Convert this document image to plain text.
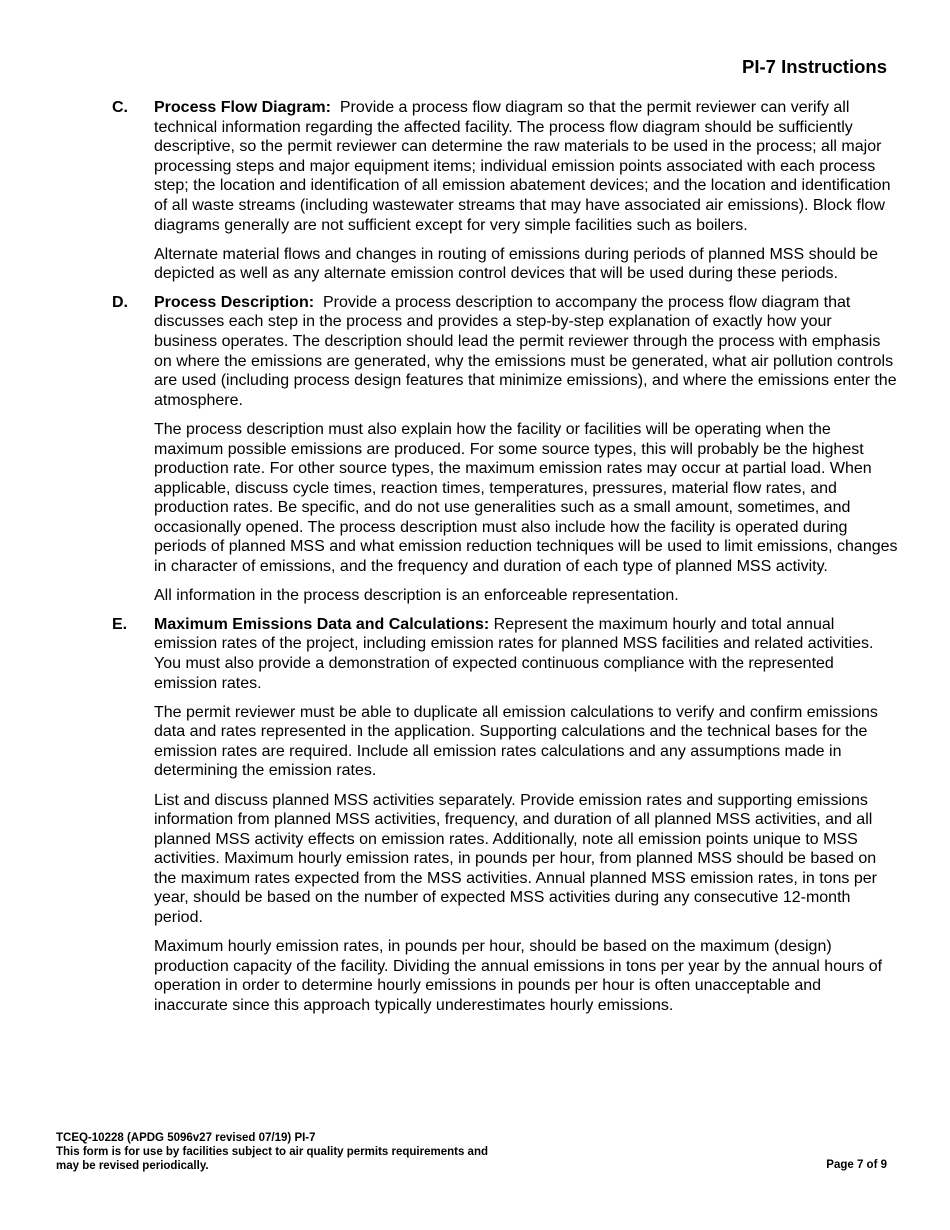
PI-7 Instructions
C.	Process Flow Diagram: Provide a process flow diagram so that the permit reviewer can verify all technical information regarding the affected facility. The process flow diagram should be sufficiently descriptive, so the permit reviewer can determine the raw materials to be used in the process; all major processing steps and major equipment items; individual emission points associated with each process step; the location and identification of all emission abatement devices; and the location and identification of all waste streams (including wastewater streams that may have associated air emissions). Block flow diagrams generally are not sufficient except for very simple facilities such as boilers.

Alternate material flows and changes in routing of emissions during periods of planned MSS should be depicted as well as any alternate emission control devices that will be used during these periods.

D.	Process Description: Provide a process description to accompany the process flow diagram that discusses each step in the process and provides a step-by-step explanation of exactly how your business operates. The description should lead the permit reviewer through the process with emphasis on where the emissions are generated, why the emissions must be generated, what air pollution controls are used (including process design features that minimize emissions), and where the emissions enter the atmosphere.

The process description must also explain how the facility or facilities will be operating when the maximum possible emissions are produced. For some source types, this will probably be the highest production rate. For other source types, the maximum emission rates may occur at partial load. When applicable, discuss cycle times, reaction times, temperatures, pressures, material flow rates, and production rates. Be specific, and do not use generalities such as a small amount, sometimes, and occasionally opened. The process description must also include how the facility is operated during periods of planned MSS and what emission reduction techniques will be used to limit emissions, changes in character of emissions, and the frequency and duration of each type of planned MSS activity.

All information in the process description is an enforceable representation.

E.	Maximum Emissions Data and Calculations: Represent the maximum hourly and total annual emission rates of the project, including emission rates for planned MSS facilities and related activities. You must also provide a demonstration of expected continuous compliance with the represented emission rates.

The permit reviewer must be able to duplicate all emission calculations to verify and confirm emissions data and rates represented in the application. Supporting calculations and the technical bases for the emission rates are required. Include all emission rates calculations and any assumptions made in determining the emission rates.

List and discuss planned MSS activities separately. Provide emission rates and supporting emissions information from planned MSS activities, frequency, and duration of all planned MSS activities, and all planned MSS activity effects on emission rates. Additionally, note all emission points unique to MSS activities. Maximum hourly emission rates, in pounds per hour, from planned MSS should be based on the maximum rates expected from the MSS activities. Annual planned MSS emission rates, in tons per year, should be based on the number of expected MSS activities during any consecutive 12-month period.

Maximum hourly emission rates, in pounds per hour, should be based on the maximum (design) production capacity of the facility. Dividing the annual emissions in tons per year by the annual hours of operation in order to determine hourly emissions in pounds per hour is often unacceptable and inaccurate since this approach typically underestimates hourly emissions.

TCEQ-10228 (APDG 5096v27 revised 07/19) PI-7
This form is for use by facilities subject to air quality permits requirements and
may be revised periodically.	Page 7 of 9
